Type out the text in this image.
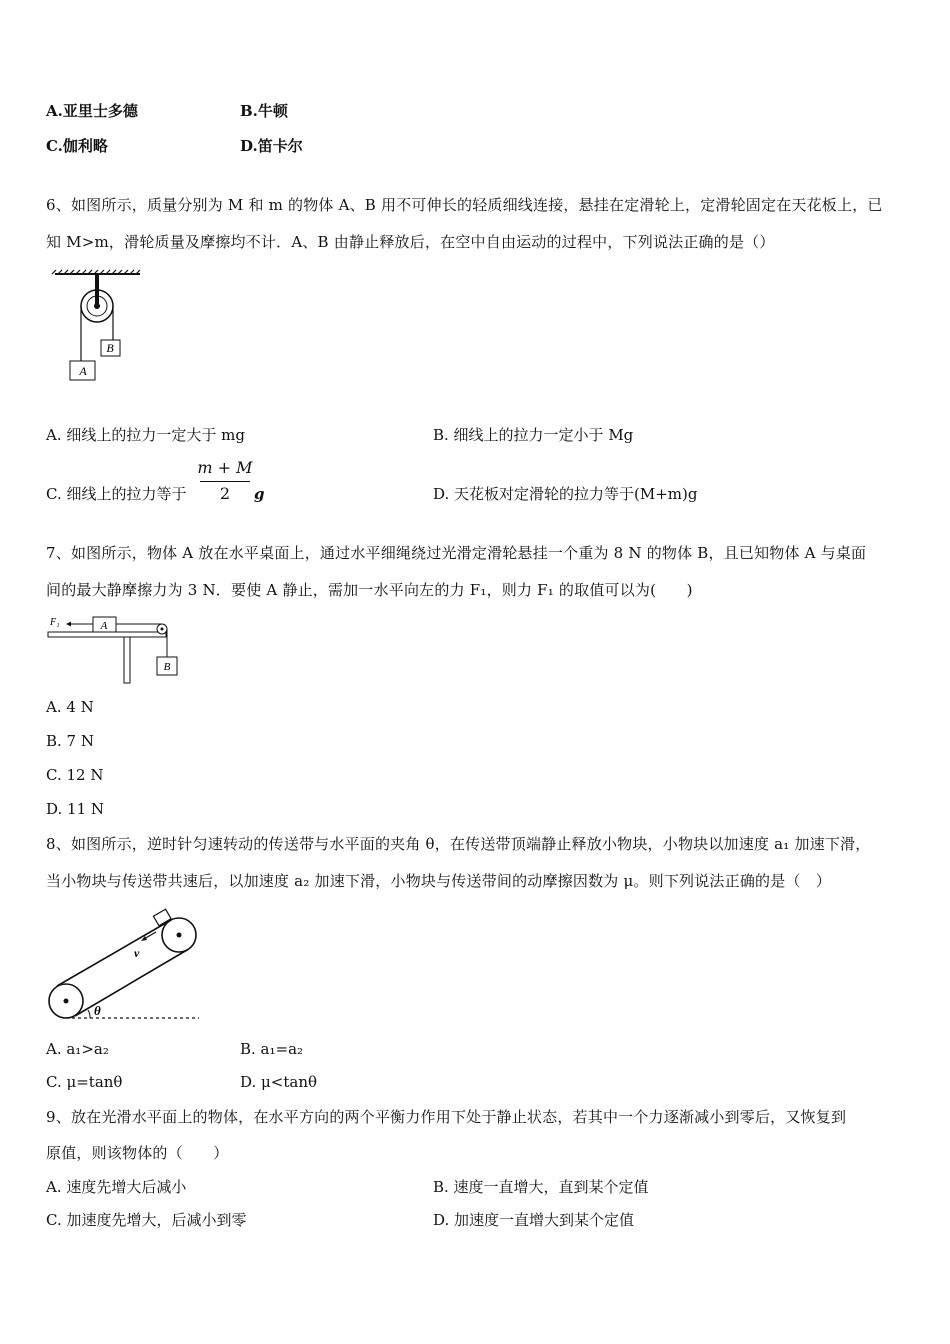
A.亚里士多德	B.牛顿
C.伽利略	D.笛卡尔
6、如图所示，质量分别为 M 和 m 的物体 A、B 用不可伸长的轻质细线连接，悬挂在定滑轮上，定滑轮固定在天花板上，已
知 M>m，滑轮质量及摩擦均不计．A、B 由静止释放后，在空中自由运动的过程中，下列说法正确的是（）
A
B
A. 细线上的拉力一定大于 mg	B. 细线上的拉力一定小于 Mg
C. 细线上的拉力等于
m + M
2	g	D. 天花板对定滑轮的拉力等于(M+m)g
7、如图所示，物体 A 放在水平桌面上，通过水平细绳绕过光滑定滑轮悬挂一个重为 8 N 的物体 B，且已知物体 A 与桌面
间的最大静摩擦力为 3 N．要使 A 静止，需加一水平向左的力 F₁，则力 F₁ 的取值可以为(　　)
F₁	A
B
A. 4 N
B. 7 N
C. 12 N
D. 11 N
8、如图所示，逆时针匀速转动的传送带与水平面的夹角 θ，在传送带顶端静止释放小物块，小物块以加速度 a₁ 加速下滑，
当小物块与传送带共速后，以加速度 a₂ 加速下滑，小物块与传送带间的动摩擦因数为 μ。则下列说法正确的是（　）
v
θ
A. a₁>a₂	B. a₁=a₂
C. μ=tanθ	D. μ<tanθ
9、放在光滑水平面上的物体，在水平方向的两个平衡力作用下处于静止状态，若其中一个力逐渐减小到零后，又恢复到
原值，则该物体的（　　）
A. 速度先增大后减小	B. 速度一直增大，直到某个定值
C. 加速度先增大，后减小到零	D. 加速度一直增大到某个定值
